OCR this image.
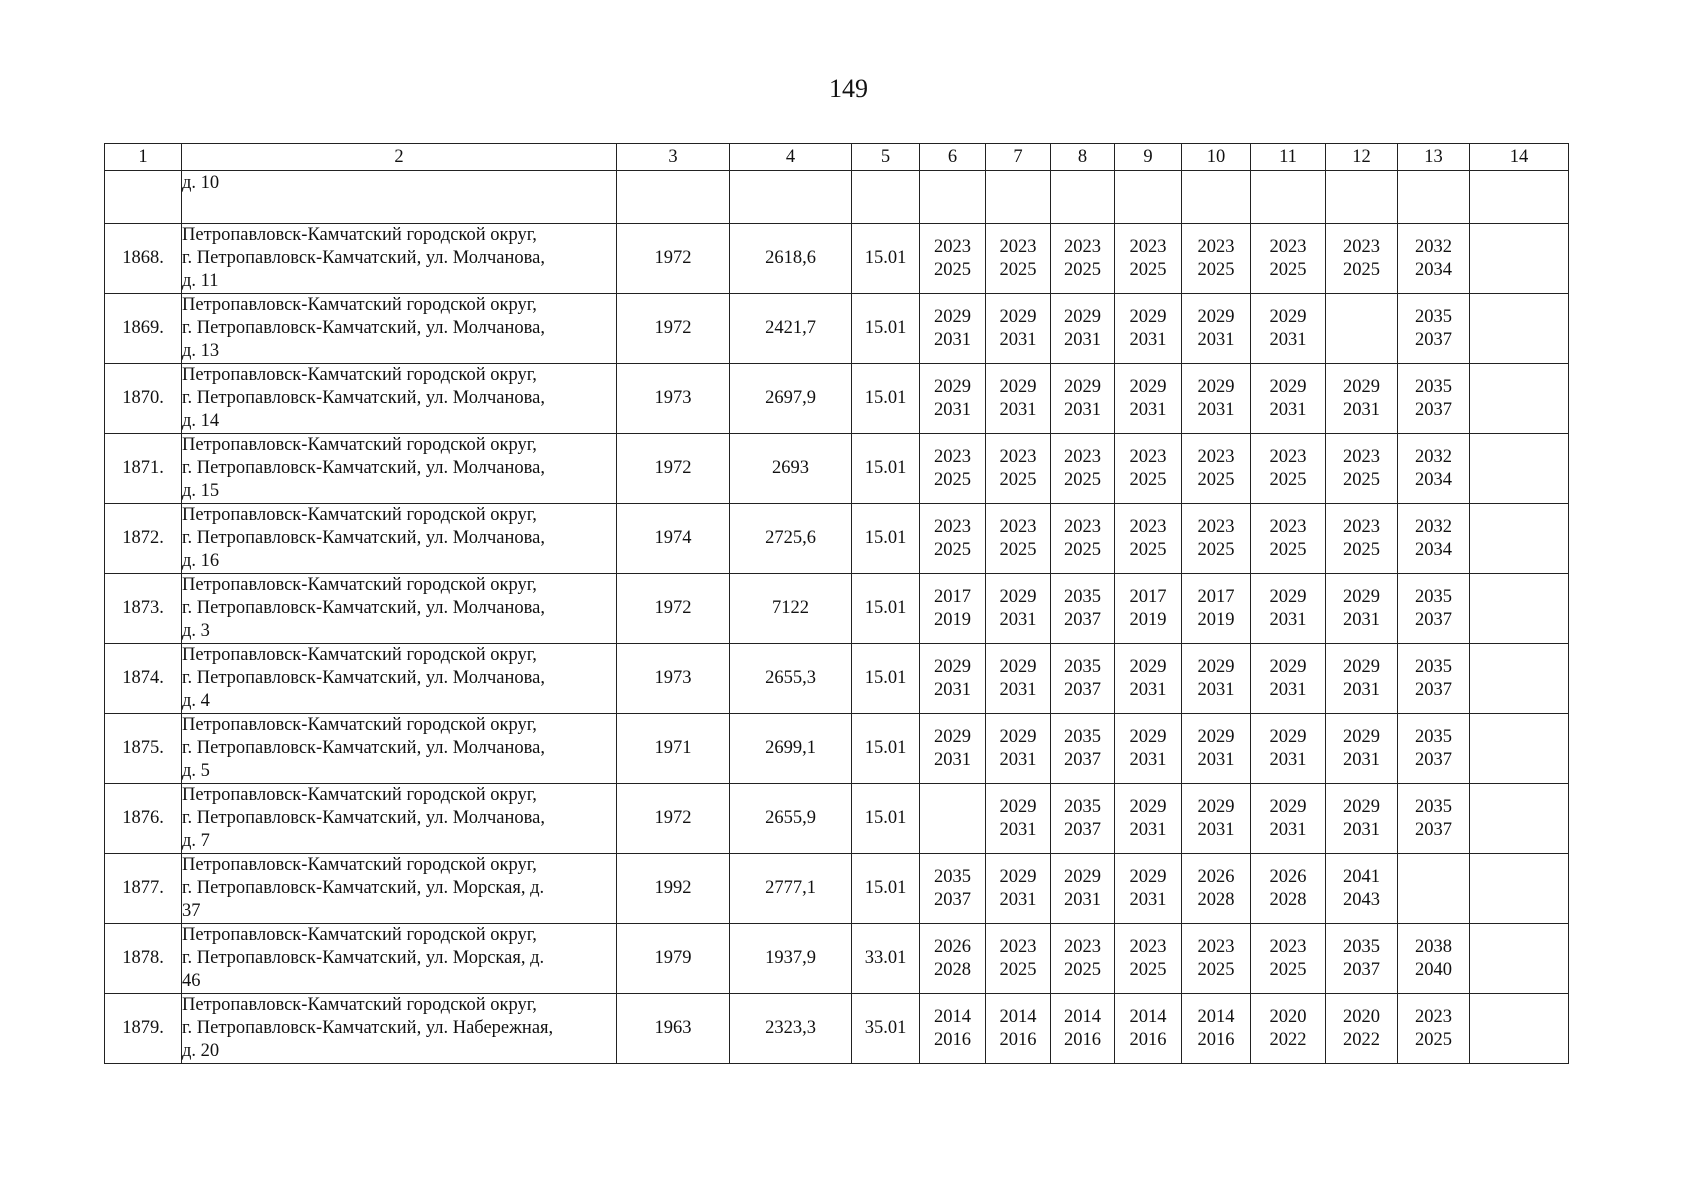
149
1	2	3	4	5	6	7	8	9	10	11	12	13	14
	д. 10												
1868.	Петропавловск-Камчатский городской округ,
г. Петропавловск-Камчатский, ул. Молчанова,
д. 11	1972	2618,6	15.01	2023 2025	2023 2025	2023 2025	2023 2025	2023 2025	2023 2025	2023 2025	2032 2034	
1869.	Петропавловск-Камчатский городской округ,
г. Петропавловск-Камчатский, ул. Молчанова,
д. 13	1972	2421,7	15.01	2029 2031	2029 2031	2029 2031	2029 2031	2029 2031	2029 2031		2035 2037	
1870.	Петропавловск-Камчатский городской округ,
г. Петропавловск-Камчатский, ул. Молчанова,
д. 14	1973	2697,9	15.01	2029 2031	2029 2031	2029 2031	2029 2031	2029 2031	2029 2031	2029 2031	2035 2037	
1871.	Петропавловск-Камчатский городской округ,
г. Петропавловск-Камчатский, ул. Молчанова,
д. 15	1972	2693	15.01	2023 2025	2023 2025	2023 2025	2023 2025	2023 2025	2023 2025	2023 2025	2032 2034	
1872.	Петропавловск-Камчатский городской округ,
г. Петропавловск-Камчатский, ул. Молчанова,
д. 16	1974	2725,6	15.01	2023 2025	2023 2025	2023 2025	2023 2025	2023 2025	2023 2025	2023 2025	2032 2034	
1873.	Петропавловск-Камчатский городской округ,
г. Петропавловск-Камчатский, ул. Молчанова,
д. 3	1972	7122	15.01	2017 2019	2029 2031	2035 2037	2017 2019	2017 2019	2029 2031	2029 2031	2035 2037	
1874.	Петропавловск-Камчатский городской округ,
г. Петропавловск-Камчатский, ул. Молчанова,
д. 4	1973	2655,3	15.01	2029 2031	2029 2031	2035 2037	2029 2031	2029 2031	2029 2031	2029 2031	2035 2037	
1875.	Петропавловск-Камчатский городской округ,
г. Петропавловск-Камчатский, ул. Молчанова,
д. 5	1971	2699,1	15.01	2029 2031	2029 2031	2035 2037	2029 2031	2029 2031	2029 2031	2029 2031	2035 2037	
1876.	Петропавловск-Камчатский городской округ,
г. Петропавловск-Камчатский, ул. Молчанова,
д. 7	1972	2655,9	15.01		2029 2031	2035 2037	2029 2031	2029 2031	2029 2031	2029 2031	2035 2037	
1877.	Петропавловск-Камчатский городской округ,
г. Петропавловск-Камчатский, ул. Морская, д.
37	1992	2777,1	15.01	2035 2037	2029 2031	2029 2031	2029 2031	2026 2028	2026 2028	2041 2043		
1878.	Петропавловск-Камчатский городской округ,
г. Петропавловск-Камчатский, ул. Морская, д.
46	1979	1937,9	33.01	2026 2028	2023 2025	2023 2025	2023 2025	2023 2025	2023 2025	2035 2037	2038 2040	
1879.	Петропавловск-Камчатский городской округ,
г. Петропавловск-Камчатский, ул. Набережная,
д. 20	1963	2323,3	35.01	2014 2016	2014 2016	2014 2016	2014 2016	2014 2016	2020 2022	2020 2022	2023 2025	
